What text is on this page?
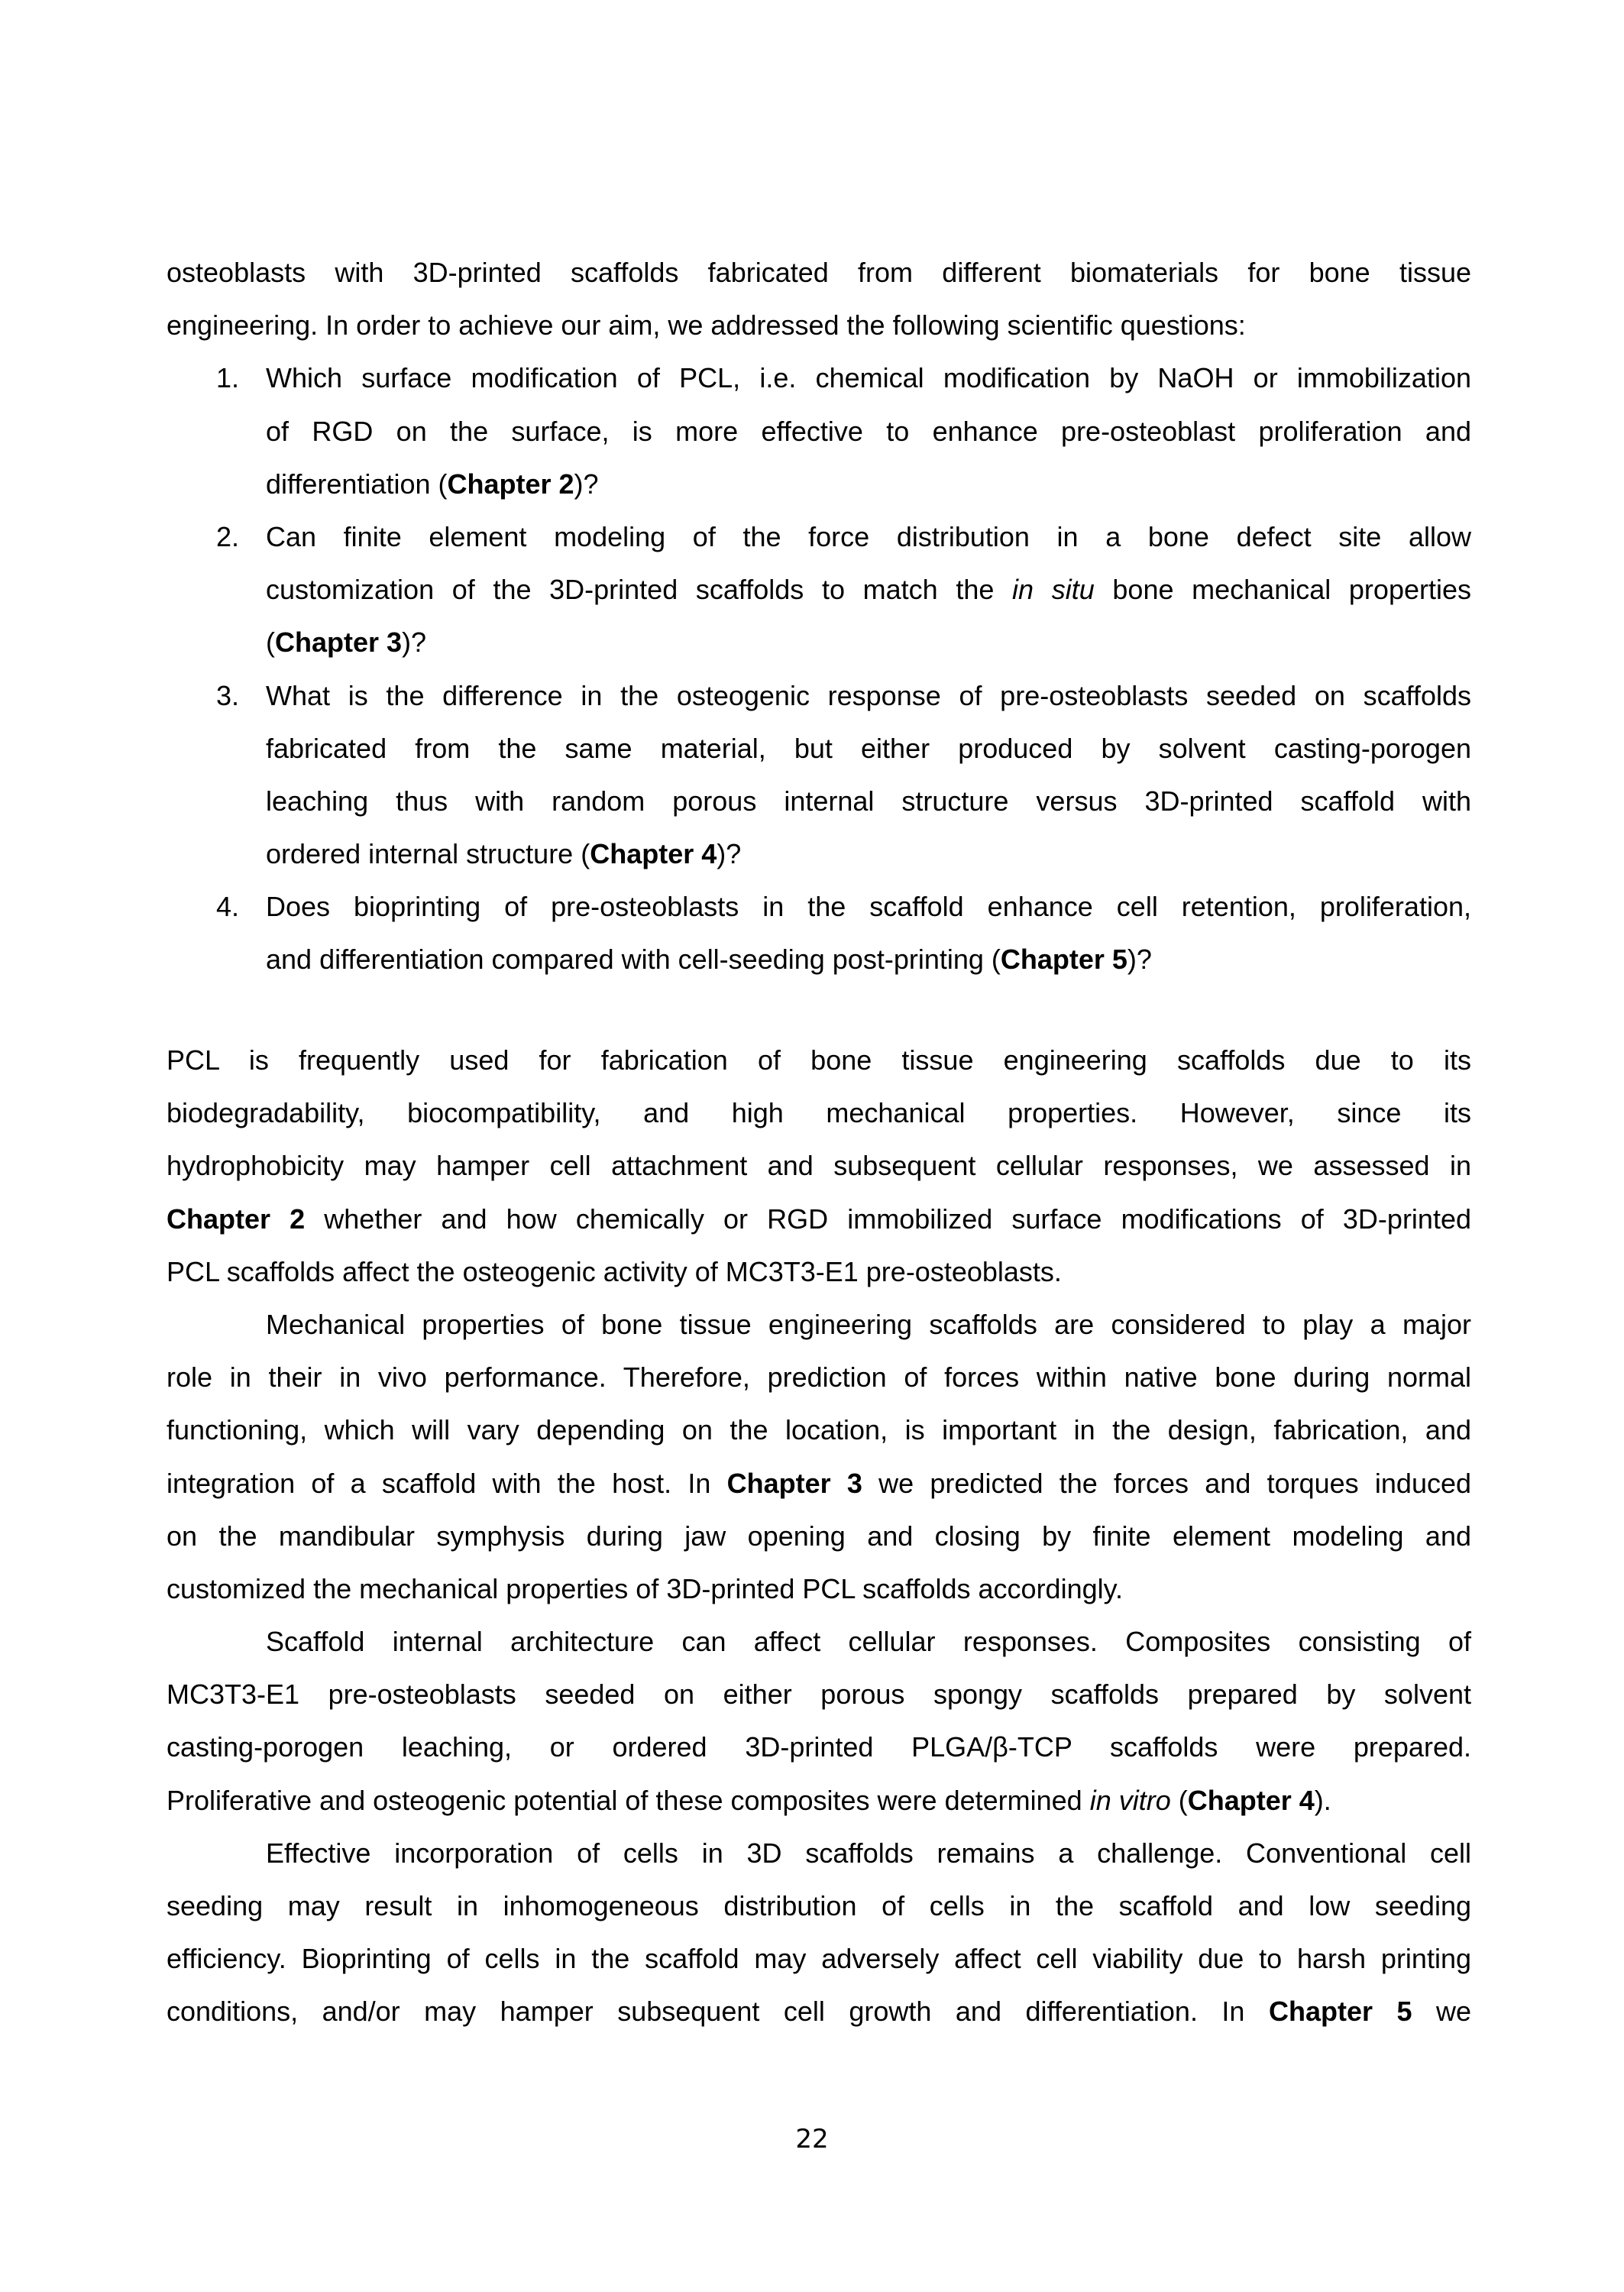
osteoblasts with 3D-printed scaffolds fabricated from different biomaterials for bone tissue
engineering. In order to achieve our aim, we addressed the following scientific questions:
1. Which surface modification of PCL, i.e. chemical modification by NaOH or immobilization
of RGD on the surface, is more effective to enhance pre-osteoblast proliferation and
differentiation (Chapter 2)?
2. Can finite element modeling of the force distribution in a bone defect site allow
customization of the 3D-printed scaffolds to match the in situ bone mechanical properties
(Chapter 3)?
3. What is the difference in the osteogenic response of pre-osteoblasts seeded on scaffolds
fabricated from the same material, but either produced by solvent casting-porogen
leaching thus with random porous internal structure versus 3D-printed scaffold with
ordered internal structure (Chapter 4)?
4. Does bioprinting of pre-osteoblasts in the scaffold enhance cell retention, proliferation,
and differentiation compared with cell-seeding post-printing (Chapter 5)?
PCL is frequently used for fabrication of bone tissue engineering scaffolds due to its
biodegradability, biocompatibility, and high mechanical properties. However, since its
hydrophobicity may hamper cell attachment and subsequent cellular responses, we assessed in
Chapter 2 whether and how chemically or RGD immobilized surface modifications of 3D-printed
PCL scaffolds affect the osteogenic activity of MC3T3-E1 pre-osteoblasts.
Mechanical properties of bone tissue engineering scaffolds are considered to play a major
role in their in vivo performance. Therefore, prediction of forces within native bone during normal
functioning, which will vary depending on the location, is important in the design, fabrication, and
integration of a scaffold with the host. In Chapter 3 we predicted the forces and torques induced
on the mandibular symphysis during jaw opening and closing by finite element modeling and
customized the mechanical properties of 3D-printed PCL scaffolds accordingly.
Scaffold internal architecture can affect cellular responses. Composites consisting of
MC3T3-E1 pre-osteoblasts seeded on either porous spongy scaffolds prepared by solvent
casting-porogen leaching, or ordered 3D-printed PLGA/β-TCP scaffolds were prepared.
Proliferative and osteogenic potential of these composites were determined in vitro (Chapter 4).
Effective incorporation of cells in 3D scaffolds remains a challenge. Conventional cell
seeding may result in inhomogeneous distribution of cells in the scaffold and low seeding
efficiency. Bioprinting of cells in the scaffold may adversely affect cell viability due to harsh printing
conditions, and/or may hamper subsequent cell growth and differentiation. In Chapter 5 we
22
